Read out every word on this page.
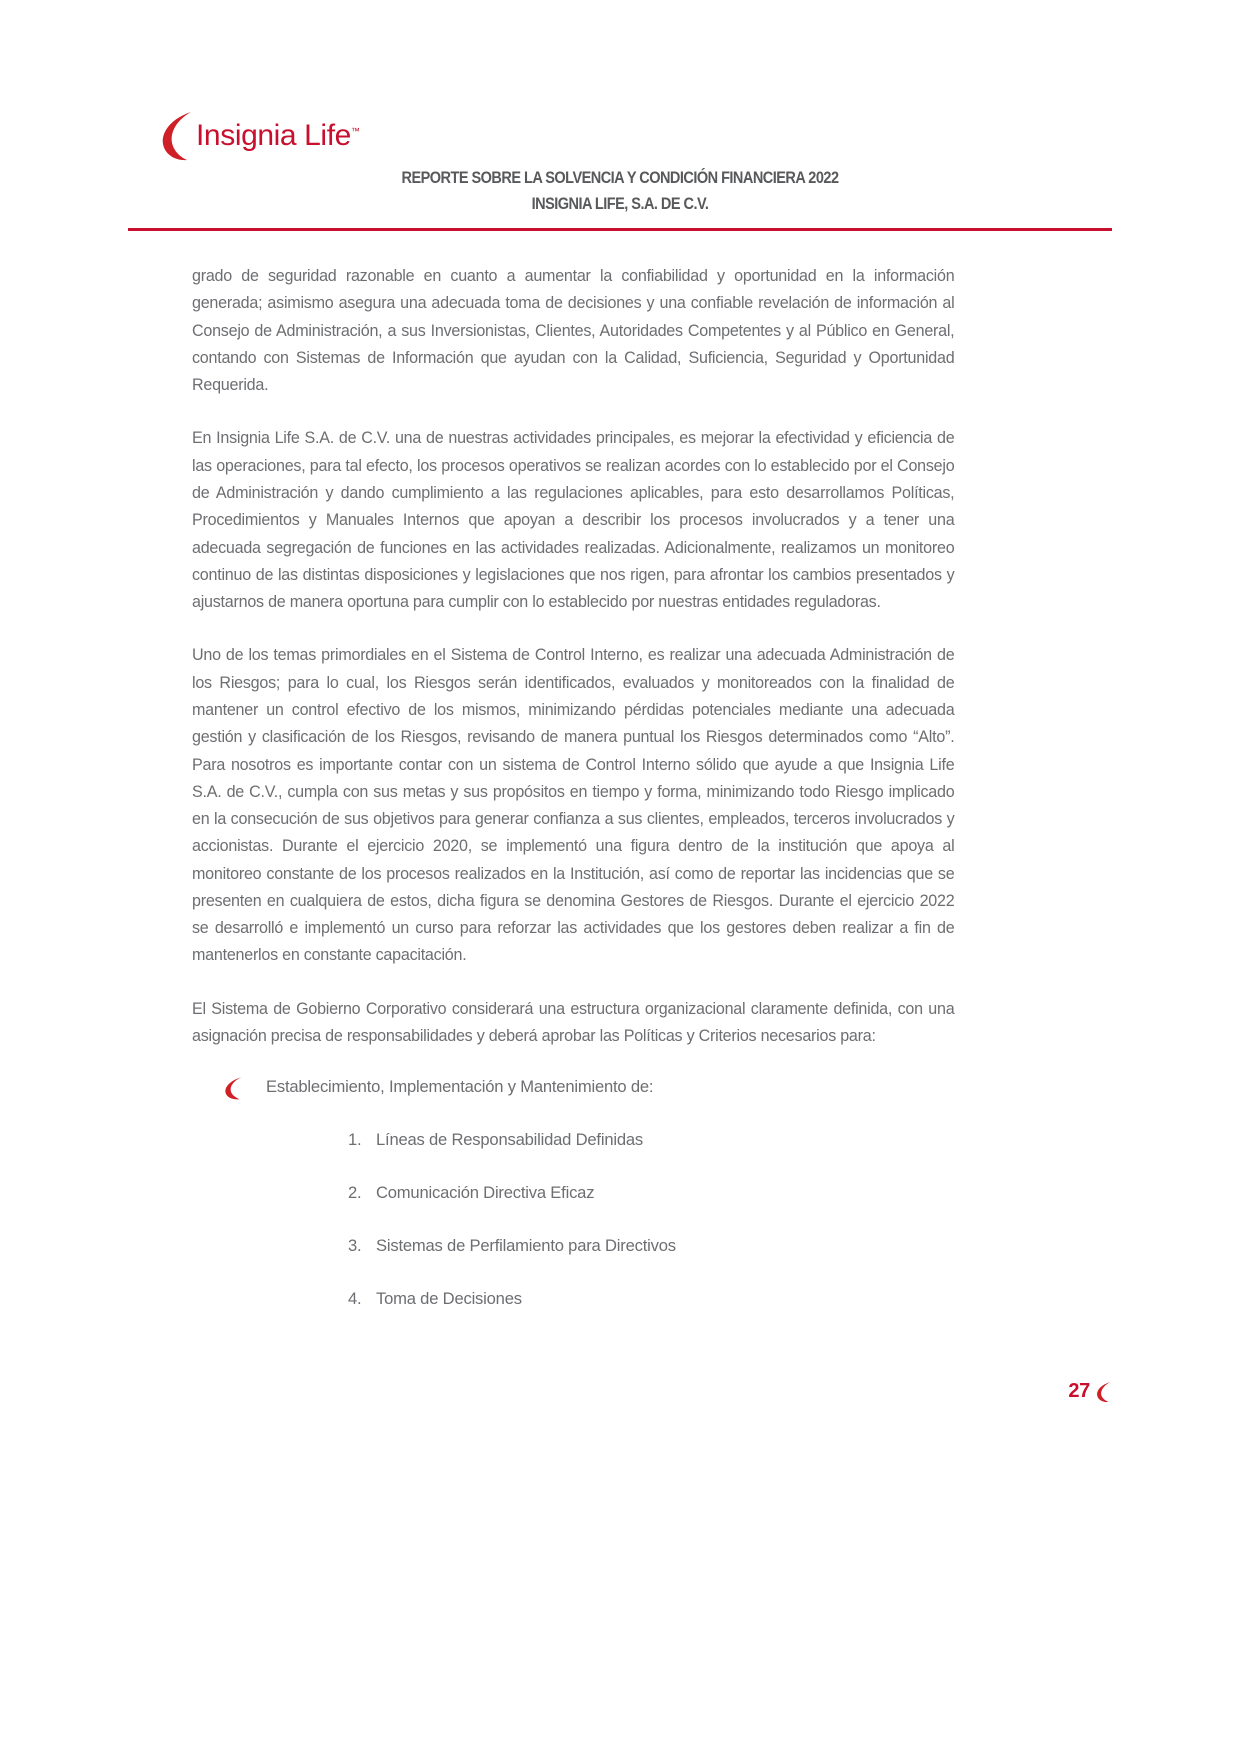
Insignia Life™
REPORTE SOBRE LA SOLVENCIA Y CONDICIÓN FINANCIERA 2022
INSIGNIA LIFE, S.A. DE C.V.

grado de seguridad razonable en cuanto a aumentar la confiabilidad y oportunidad en la información generada; asimismo asegura una adecuada toma de decisiones y una confiable revelación de información al Consejo de Administración, a sus Inversionistas, Clientes, Autoridades Competentes y al Público en General, contando con Sistemas de Información que ayudan con la Calidad, Suficiencia, Seguridad y Oportunidad Requerida.

En Insignia Life S.A. de C.V. una de nuestras actividades principales, es mejorar la efectividad y eficiencia de las operaciones, para tal efecto, los procesos operativos se realizan acordes con lo establecido por el Consejo de Administración y dando cumplimiento a las regulaciones aplicables, para esto desarrollamos Políticas, Procedimientos y Manuales Internos que apoyan a describir los procesos involucrados y a tener una adecuada segregación de funciones en las actividades realizadas. Adicionalmente, realizamos un monitoreo continuo de las distintas disposiciones y legislaciones que nos rigen, para afrontar los cambios presentados y ajustarnos de manera oportuna para cumplir con lo establecido por nuestras entidades reguladoras.

Uno de los temas primordiales en el Sistema de Control Interno, es realizar una adecuada Administración de los Riesgos; para lo cual, los Riesgos serán identificados, evaluados y monitoreados con la finalidad de mantener un control efectivo de los mismos, minimizando pérdidas potenciales mediante una adecuada gestión y clasificación de los Riesgos, revisando de manera puntual los Riesgos determinados como “Alto”. Para nosotros es importante contar con un sistema de Control Interno sólido que ayude a que Insignia Life S.A. de C.V., cumpla con sus metas y sus propósitos en tiempo y forma, minimizando todo Riesgo implicado en la consecución de sus objetivos para generar confianza a sus clientes, empleados, terceros involucrados y accionistas. Durante el ejercicio 2020, se implementó una figura dentro de la institución que apoya al monitoreo constante de los procesos realizados en la Institución, así como de reportar las incidencias que se presenten en cualquiera de estos, dicha figura se denomina Gestores de Riesgos. Durante el ejercicio 2022 se desarrolló e implementó un curso para reforzar las actividades que los gestores deben realizar a fin de mantenerlos en constante capacitación.

El Sistema de Gobierno Corporativo considerará una estructura organizacional claramente definida, con una asignación precisa de responsabilidades y deberá aprobar las Políticas y Criterios necesarios para:

Establecimiento, Implementación y Mantenimiento de:
1. Líneas de Responsabilidad Definidas
2. Comunicación Directiva Eficaz
3. Sistemas de Perfilamiento para Directivos
4. Toma de Decisiones
27
